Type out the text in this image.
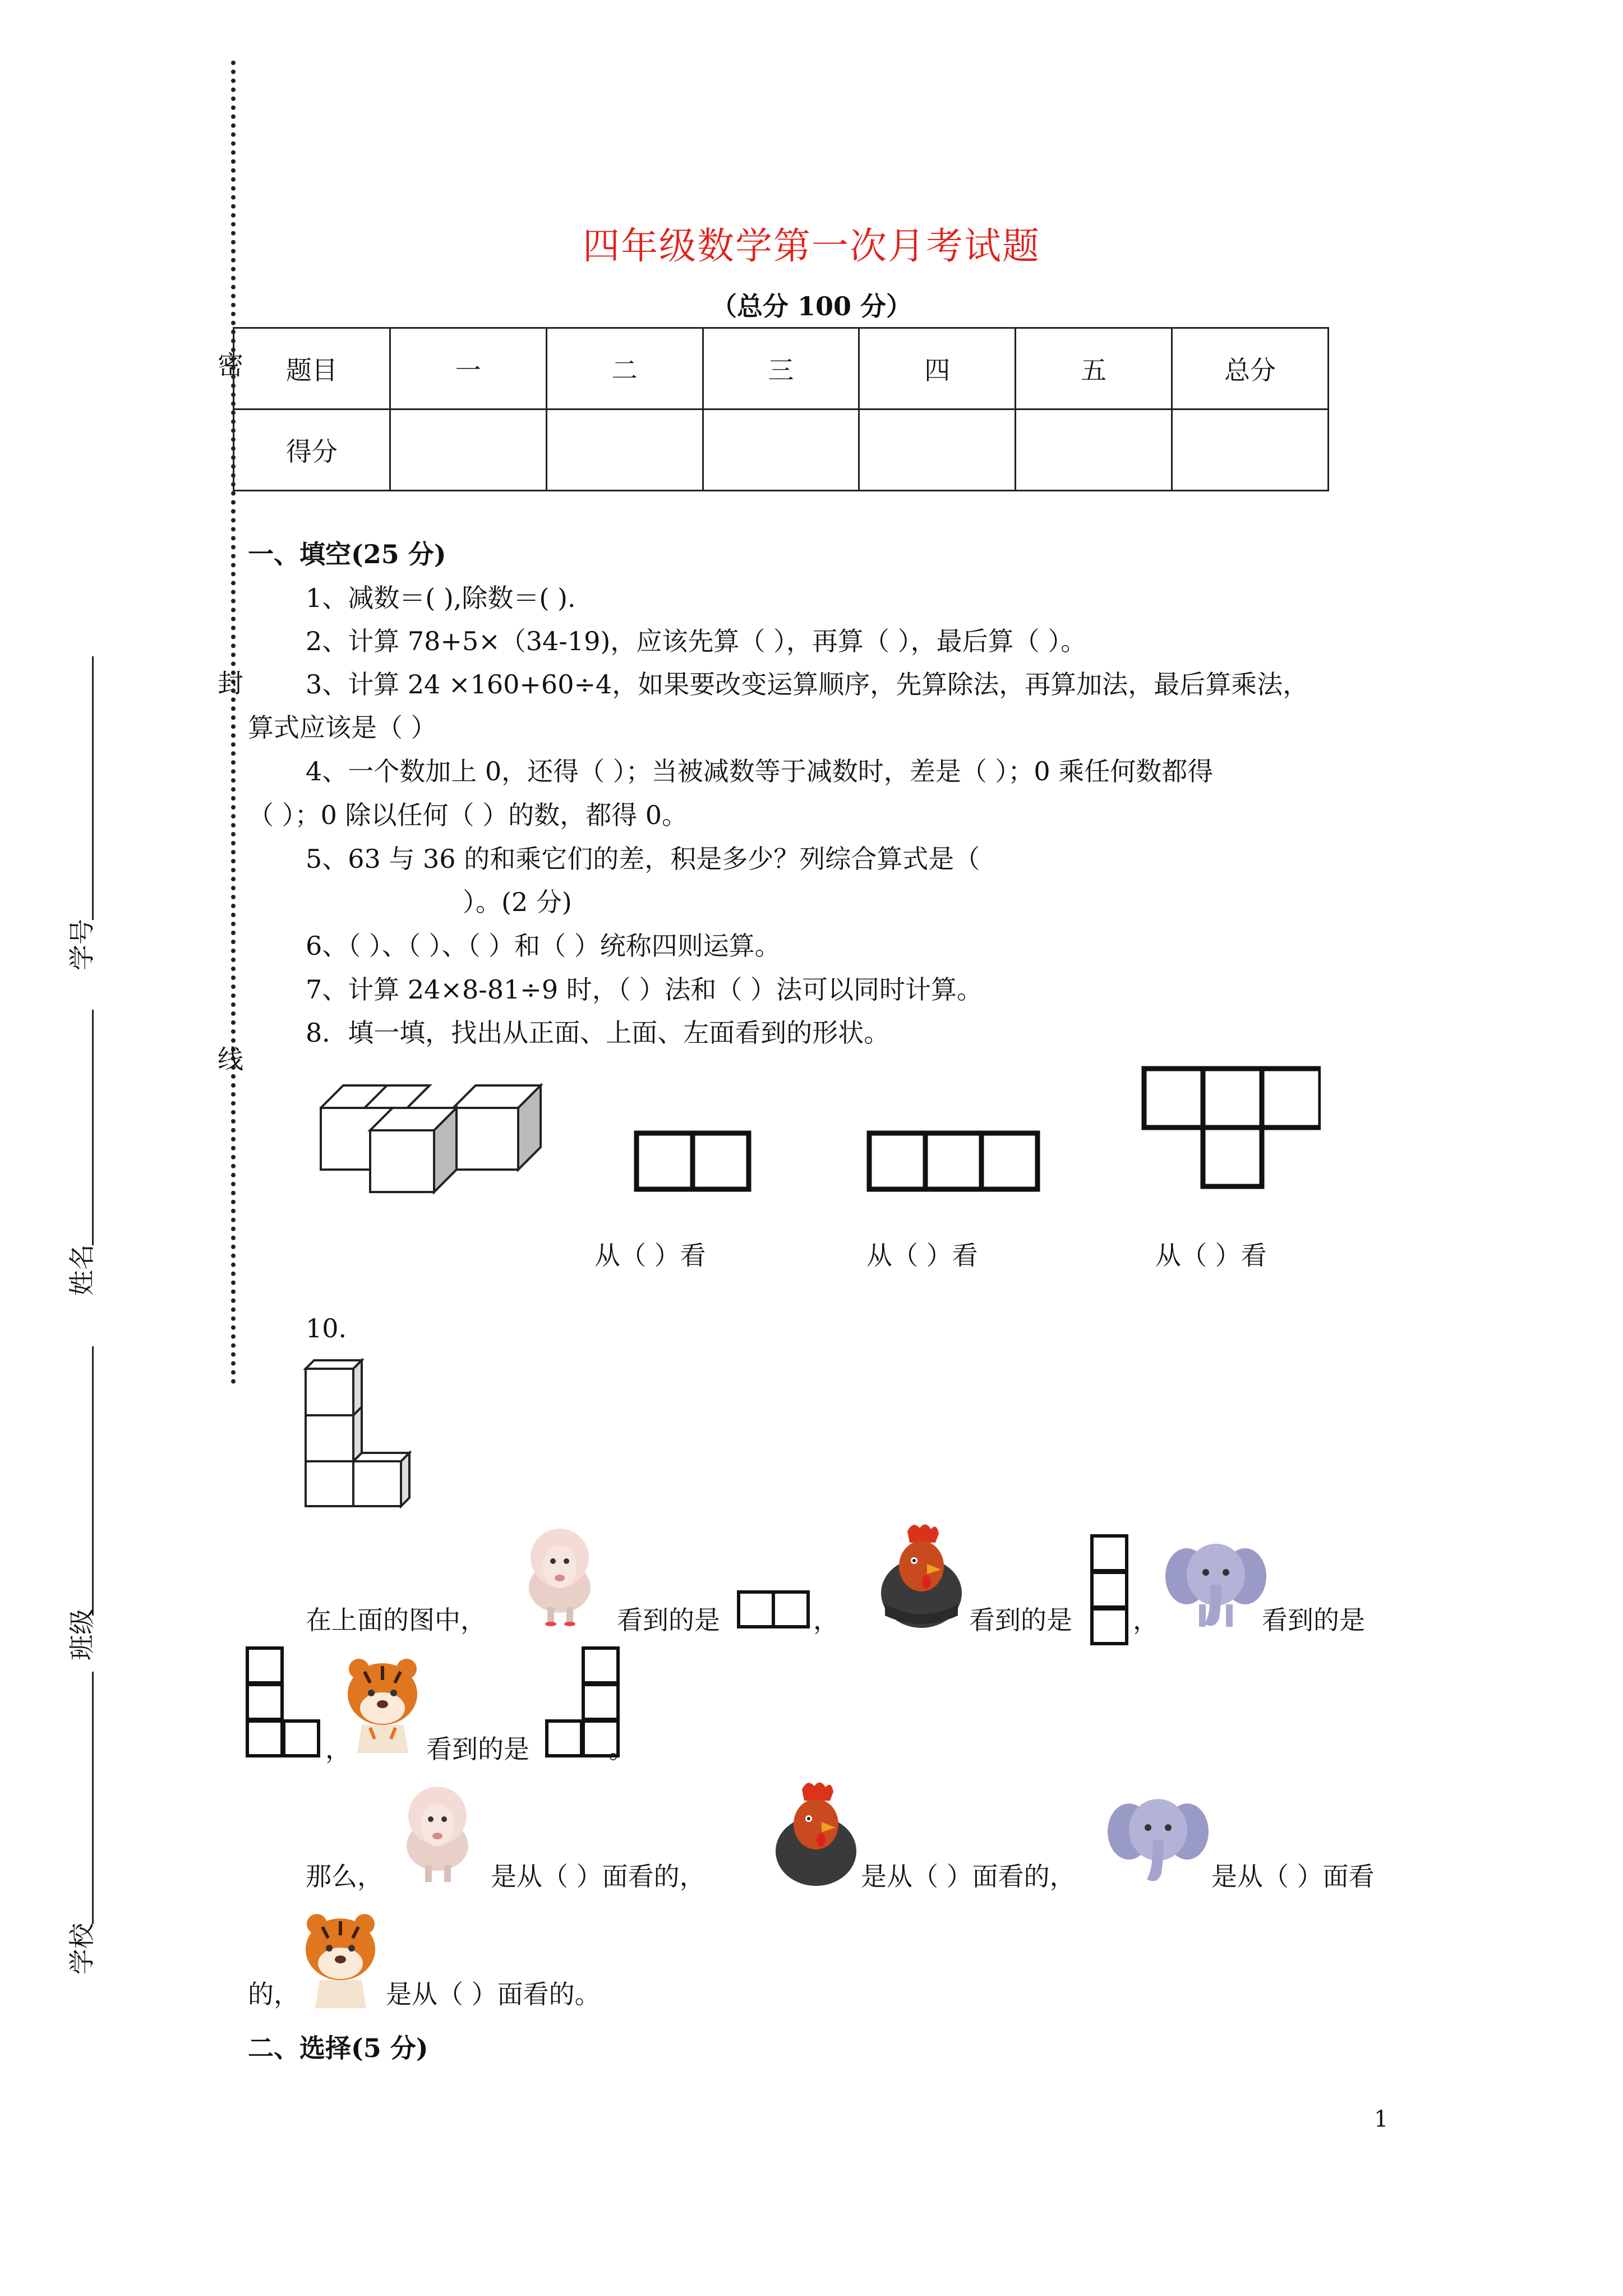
密
封
线
学号
姓名
班级
学校
四年级数学第一次月考试题
（总分 100 分）
题目	一	二	三	四	五	总分
得分						
一、填空(25 分)
1、减数＝( ),除数＝( ).
2、计算 78+5×（34-19)，应该先算（ ），再算（ ），最后算（ ）。
3、计算 24 ×160+60÷4，如果要改变运算顺序，先算除法，再算加法，最后算乘法，
算式应该是（ ）
4、一个数加上 0，还得（ ）；当被减数等于减数时，差是（ ）；0 乘任何数都得
（ ）；0 除以任何（ ）的数，都得 0。
5、63 与 36 的和乘它们的差，积是多少？列综合算式是（
）。(2 分)
6、（ ）、（ ）、（ ）和（ ）统称四则运算。
7、计算 24×8-81÷9 时，（ ）法和（ ）法可以同时计算。
8．填一填，找出从正面、上面、左面看到的形状。
从（ ）看	从（ ）看	从（ ）看
10.
在上面的图中，	看到的是	，	看到的是 ，	看到的是
，	看到的是	。
那么，	是从（ ）面看的，	是从（ ）面看的，	是从（ ）面看
的，	是从（ ）面看的。
二、选择(5 分)
1
